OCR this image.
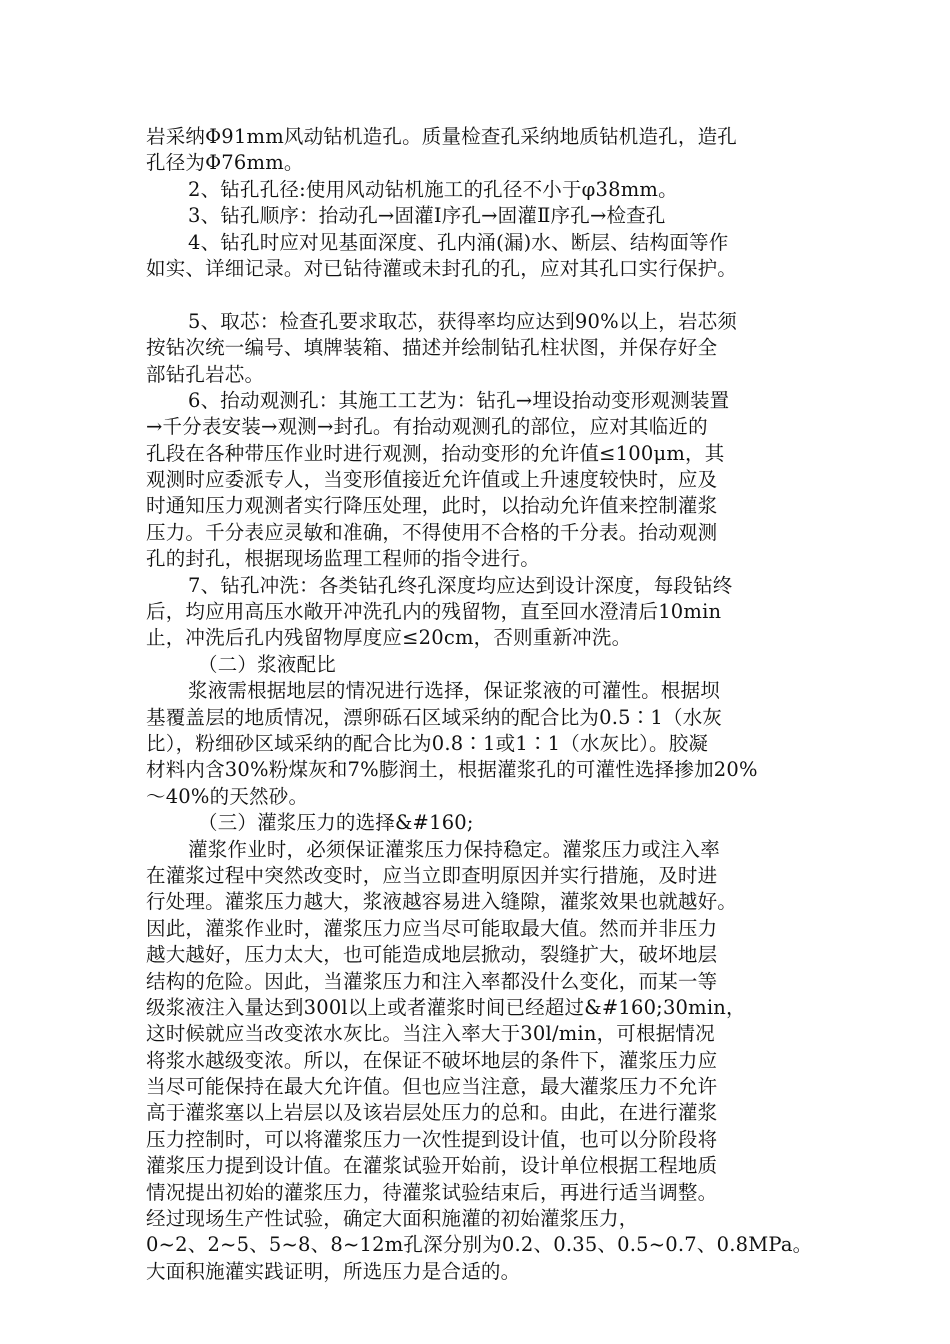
岩采纳Φ91mm风动钻机造孔。质量检查孔采纳地质钻机造孔，造孔
孔径为Φ76mm。
2、钻孔孔径:使用风动钻机施工的孔径不小于φ38mm。
3、钻孔顺序：抬动孔→固灌Ⅰ序孔→固灌Ⅱ序孔→检查孔
4、钻孔时应对见基面深度、孔内涌(漏)水、断层、结构面等作
如实、详细记录。对已钻待灌或未封孔的孔，应对其孔口实行保护。
5、取芯：检查孔要求取芯，获得率均应达到90%以上，岩芯须
按钻次统一编号、填牌装箱、描述并绘制钻孔柱状图，并保存好全
部钻孔岩芯。
6、抬动观测孔：其施工工艺为：钻孔→埋设抬动变形观测装置
→千分表安装→观测→封孔。有抬动观测孔的部位，应对其临近的
孔段在各种带压作业时进行观测，抬动变形的允许值≤100μm，其
观测时应委派专人，当变形值接近允许值或上升速度较快时，应及
时通知压力观测者实行降压处理，此时，以抬动允许值来控制灌浆
压力。千分表应灵敏和准确，不得使用不合格的千分表。抬动观测
孔的封孔，根据现场监理工程师的指令进行。
7、钻孔冲洗：各类钻孔终孔深度均应达到设计深度，每段钻终
后，均应用高压水敞开冲洗孔内的残留物，直至回水澄清后10min
止，冲洗后孔内残留物厚度应≤20cm，否则重新冲洗。
（二）浆液配比
浆液需根据地层的情况进行选择，保证浆液的可灌性。根据坝
基覆盖层的地质情况，漂卵砾石区域采纳的配合比为0.5∶1（水灰
比），粉细砂区域采纳的配合比为0.8∶1或1∶1（水灰比）。胶凝
材料内含30%粉煤灰和7%膨润土，根据灌浆孔的可灌性选择掺加20%
～40%的天然砂。
（三）灌浆压力的选择&#160;
灌浆作业时，必须保证灌浆压力保持稳定。灌浆压力或注入率
在灌浆过程中突然改变时，应当立即查明原因并实行措施，及时进
行处理。灌浆压力越大，浆液越容易进入缝隙，灌浆效果也就越好。
因此，灌浆作业时，灌浆压力应当尽可能取最大值。然而并非压力
越大越好，压力太大，也可能造成地层掀动，裂缝扩大，破坏地层
结构的危险。因此，当灌浆压力和注入率都没什么变化，而某一等
级浆液注入量达到300l以上或者灌浆时间已经超过&#160;30min，
这时候就应当改变浓水灰比。当注入率大于30l/min，可根据情况
将浆水越级变浓。所以，在保证不破坏地层的条件下，灌浆压力应
当尽可能保持在最大允许值。但也应当注意，最大灌浆压力不允许
高于灌浆塞以上岩层以及该岩层处压力的总和。由此，在进行灌浆
压力控制时，可以将灌浆压力一次性提到设计值，也可以分阶段将
灌浆压力提到设计值。在灌浆试验开始前，设计单位根据工程地质
情况提出初始的灌浆压力，待灌浆试验结束后，再进行适当调整。
经过现场生产性试验，确定大面积施灌的初始灌浆压力，
0~2、2~5、5~8、8~12m孔深分别为0.2、0.35、0.5~0.7、0.8MPa。
大面积施灌实践证明，所选压力是合适的。
